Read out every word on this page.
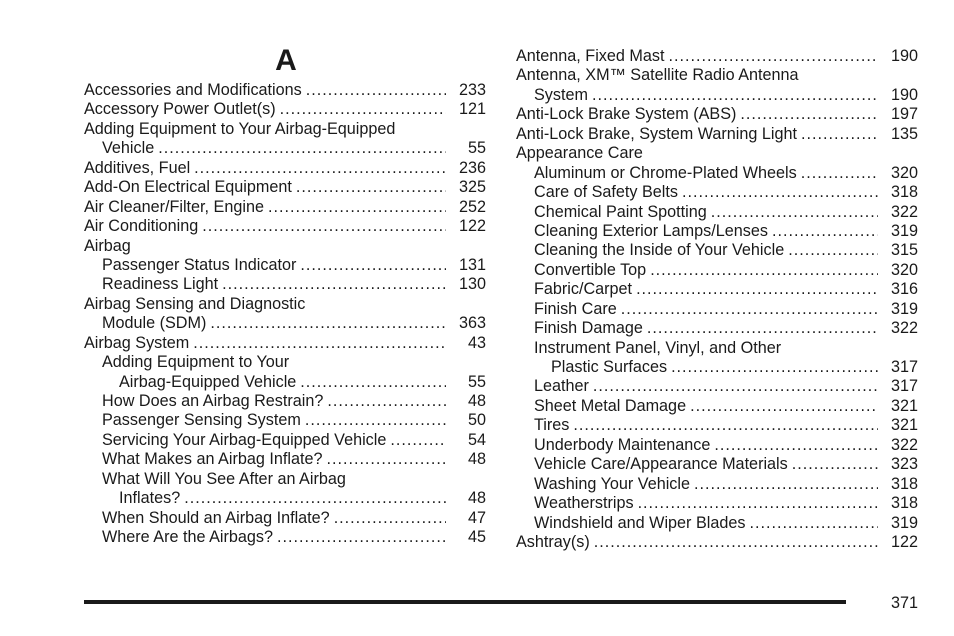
A
Accessories and Modifications .....	233
Accessory Power Outlet(s) .....	121
Adding Equipment to Your Airbag-Equipped
Vehicle .....	55
Additives, Fuel .....	236
Add-On Electrical Equipment .....	325
Air Cleaner/Filter, Engine .....	252
Air Conditioning .....	122
Airbag
Passenger Status Indicator .....	131
Readiness Light .....	130
Airbag Sensing and Diagnostic
Module (SDM) .....	363
Airbag System .....	43
Adding Equipment to Your
Airbag-Equipped Vehicle .....	55
How Does an Airbag Restrain? .....	48
Passenger Sensing System .....	50
Servicing Your Airbag-Equipped Vehicle .....	54
What Makes an Airbag Inflate? .....	48
What Will You See After an Airbag
Inflates? .....	48
When Should an Airbag Inflate? .....	47
Where Are the Airbags? .....	45
Antenna, Fixed Mast .....	190
Antenna, XM™ Satellite Radio Antenna
System .....	190
Anti-Lock Brake System (ABS) .....	197
Anti-Lock Brake, System Warning Light .....	135
Appearance Care
Aluminum or Chrome-Plated Wheels .....	320
Care of Safety Belts .....	318
Chemical Paint Spotting .....	322
Cleaning Exterior Lamps/Lenses .....	319
Cleaning the Inside of Your Vehicle .....	315
Convertible Top .....	320
Fabric/Carpet .....	316
Finish Care .....	319
Finish Damage .....	322
Instrument Panel, Vinyl, and Other
Plastic Surfaces .....	317
Leather .....	317
Sheet Metal Damage .....	321
Tires .....	321
Underbody Maintenance .....	322
Vehicle Care/Appearance Materials .....	323
Washing Your Vehicle .....	318
Weatherstrips .....	318
Windshield and Wiper Blades .....	319
Ashtray(s) .....	122
371
